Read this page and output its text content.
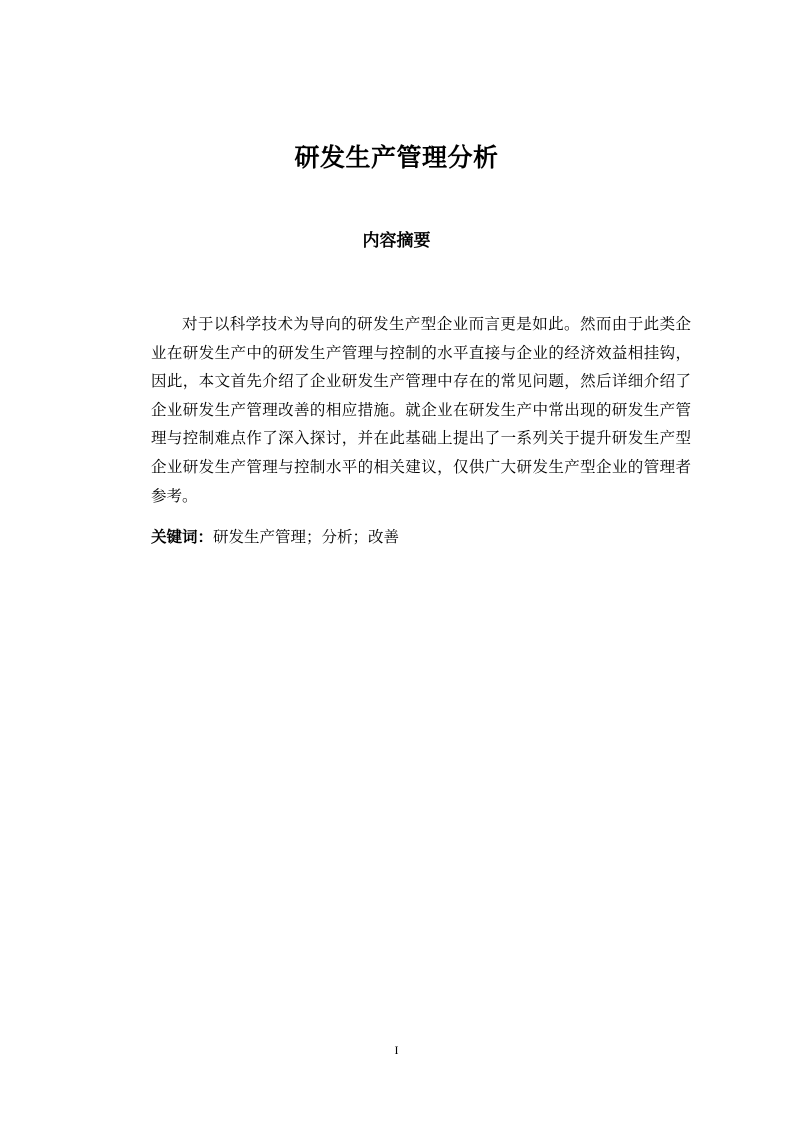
研发生产管理分析
内容摘要

对于以科学技术为导向的研发生产型企业而言更是如此。然而由于此类企业在研发生产中的研发生产管理与控制的水平直接与企业的经济效益相挂钩，因此，本文首先介绍了企业研发生产管理中存在的常见问题，然后详细介绍了企业研发生产管理改善的相应措施。就企业在研发生产中常出现的研发生产管理与控制难点作了深入探讨，并在此基础上提出了一系列关于提升研发生产型企业研发生产管理与控制水平的相关建议，仅供广大研发生产型企业的管理者参考。

关键词：研发生产管理；分析；改善

I
